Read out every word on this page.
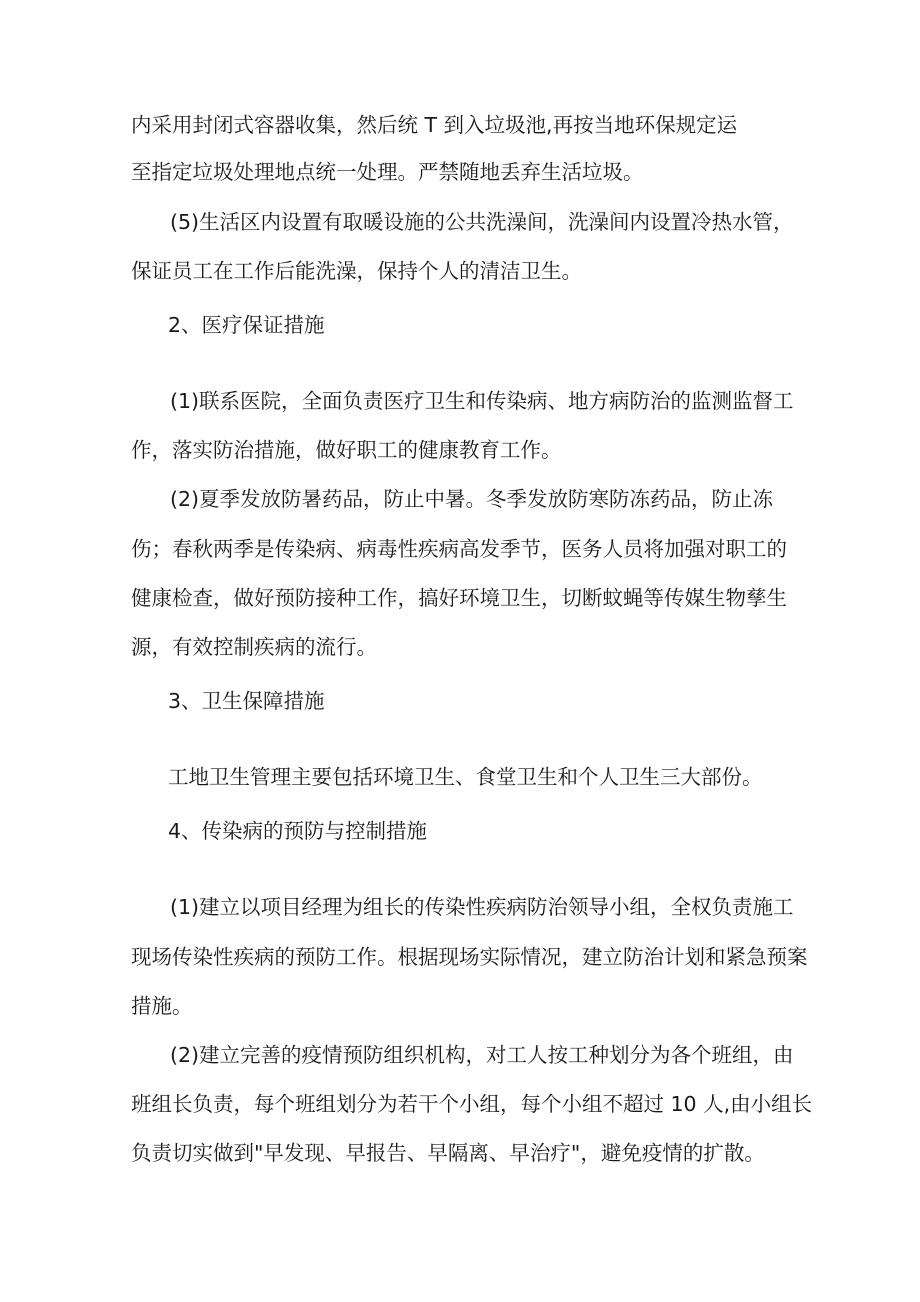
内采用封闭式容器收集，然后统 T 到入垃圾池,再按当地环保规定运
至指定垃圾处理地点统一处理。严禁随地丢弃生活垃圾。
(5)生活区内设置有取暖设施的公共洗澡间，洗澡间内设置冷热水管，
保证员工在工作后能洗澡，保持个人的清洁卫生。
2、医疗保证措施
(1)联系医院，全面负责医疗卫生和传染病、地方病防治的监测监督工
作，落实防治措施，做好职工的健康教育工作。
(2)夏季发放防暑药品，防止中暑。冬季发放防寒防冻药品，防止冻
伤；春秋两季是传染病、病毒性疾病高发季节，医务人员将加强对职工的
健康检查，做好预防接种工作，搞好环境卫生，切断蚊蝇等传媒生物孳生
源，有效控制疾病的流行。
3、卫生保障措施
工地卫生管理主要包括环境卫生、食堂卫生和个人卫生三大部份。
4、传染病的预防与控制措施
(1)建立以项目经理为组长的传染性疾病防治领导小组，全权负责施工
现场传染性疾病的预防工作。根据现场实际情况，建立防治计划和紧急预案
措施。
(2)建立完善的疫情预防组织机构，对工人按工种划分为各个班组，由
班组长负责，每个班组划分为若干个小组，每个小组不超过 10 人,由小组长
负责切实做到"早发现、早报告、早隔离、早治疗"，避免疫情的扩散。
